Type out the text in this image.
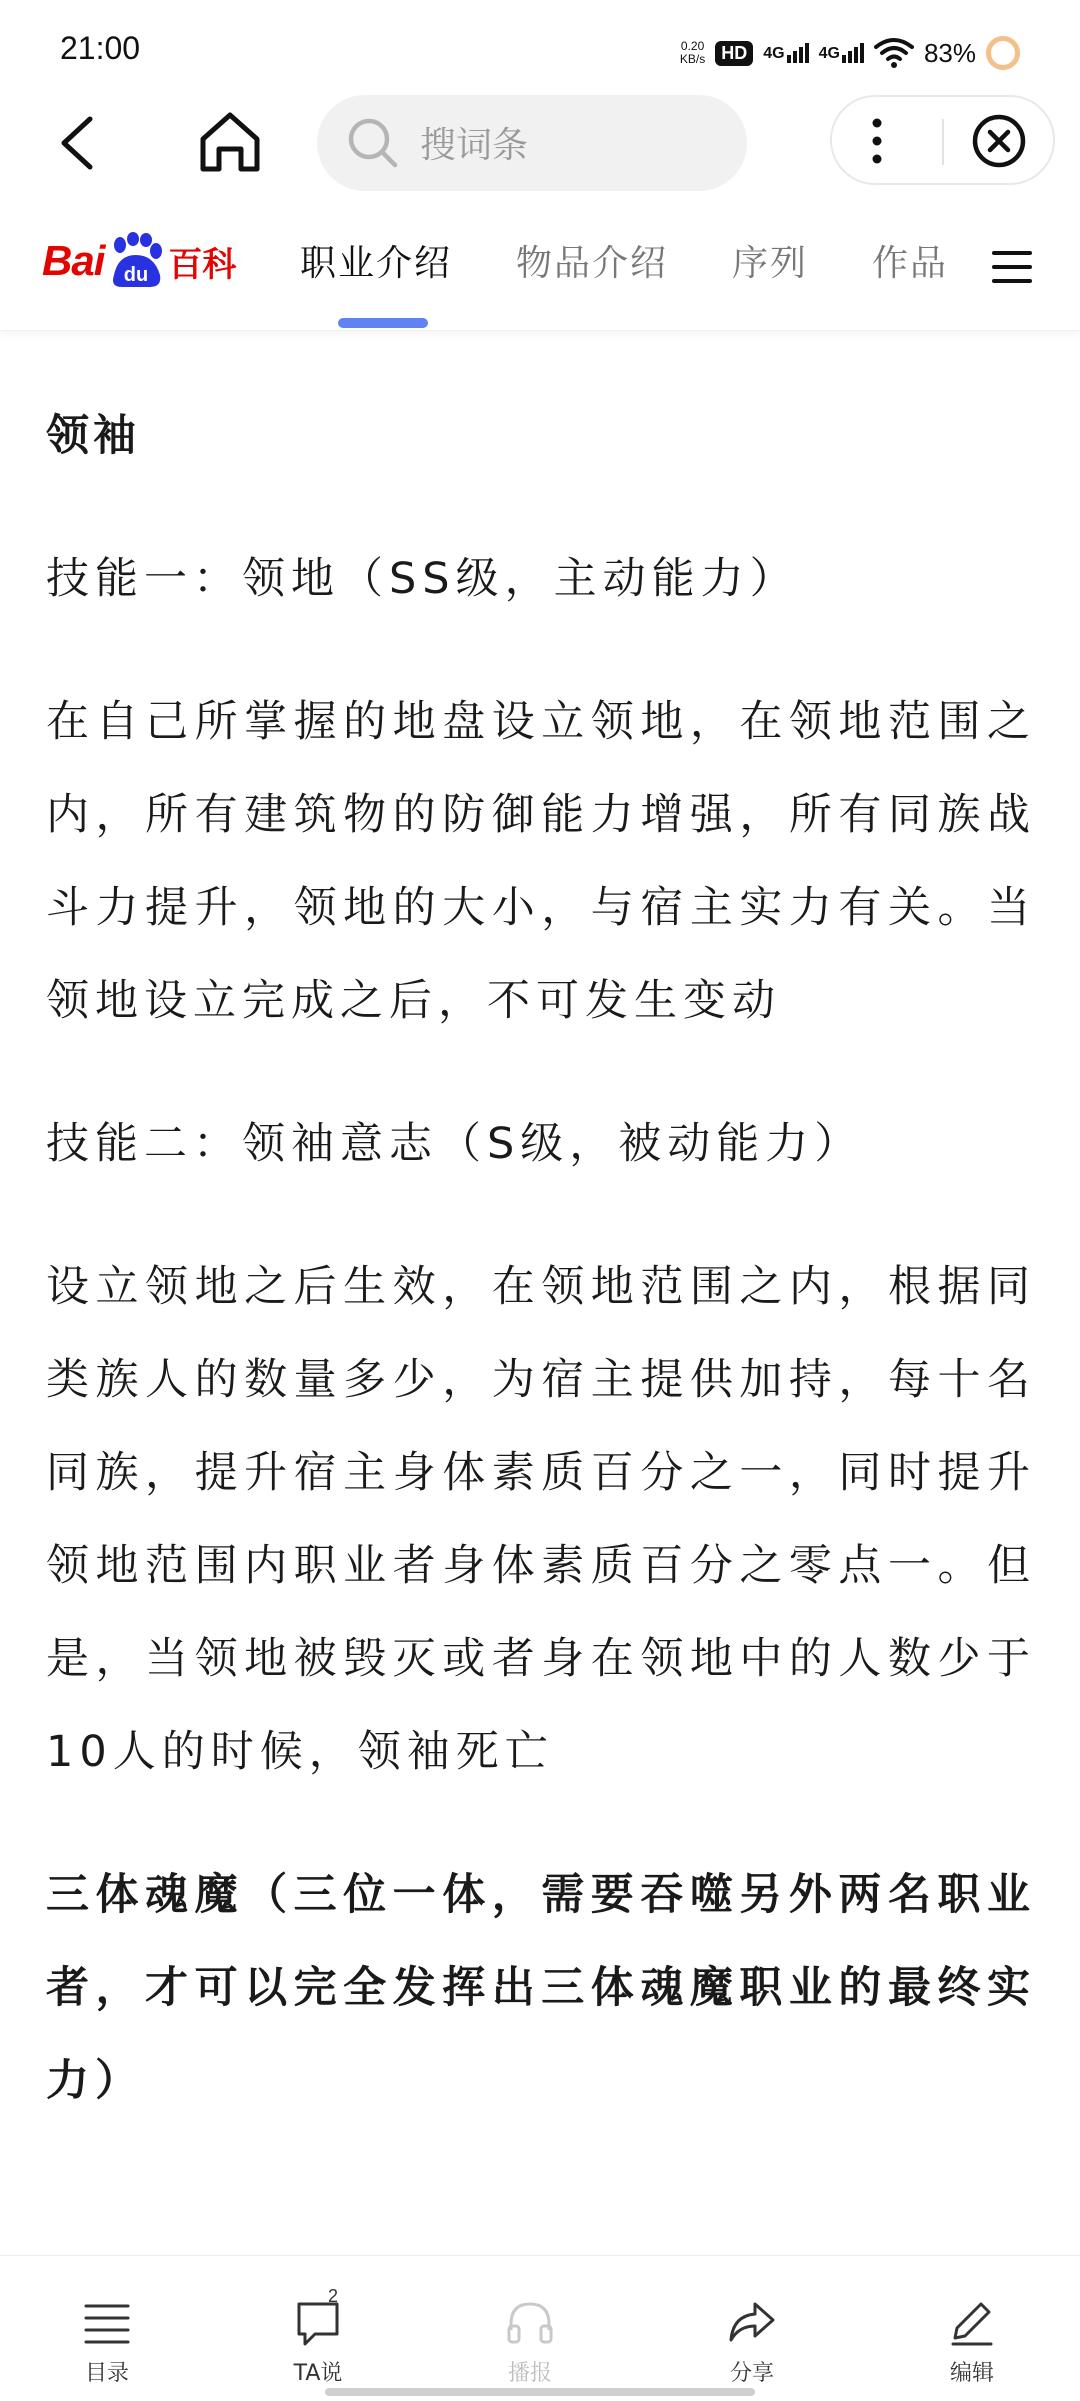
21:00	0.20
KB/s HD	4G 4G	83%
搜词条
Bai du 百科 职业介绍 物品介绍 序列 作品

领袖

技能一：领地（SS级，主动能力）

在自己所掌握的地盘设立领地，在领地范围之内，所有建筑物的防御能力增强，所有同族战斗力提升，领地的大小，与宿主实力有关。当领地设立完成之后，不可发生变动

技能二：领袖意志（S级，被动能力）

设立领地之后生效，在领地范围之内，根据同类族人的数量多少，为宿主提供加持，每十名同族，提升宿主身体素质百分之一，同时提升领地范围内职业者身体素质百分之零点一。但是，当领地被毁灭或者身在领地中的人数少于10人的时候，领袖死亡

三体魂魔（三位一体，需要吞噬另外两名职业者，才可以完全发挥出三体魂魔职业的最终实力）

目录
2
TA说	播报	分享	编辑
